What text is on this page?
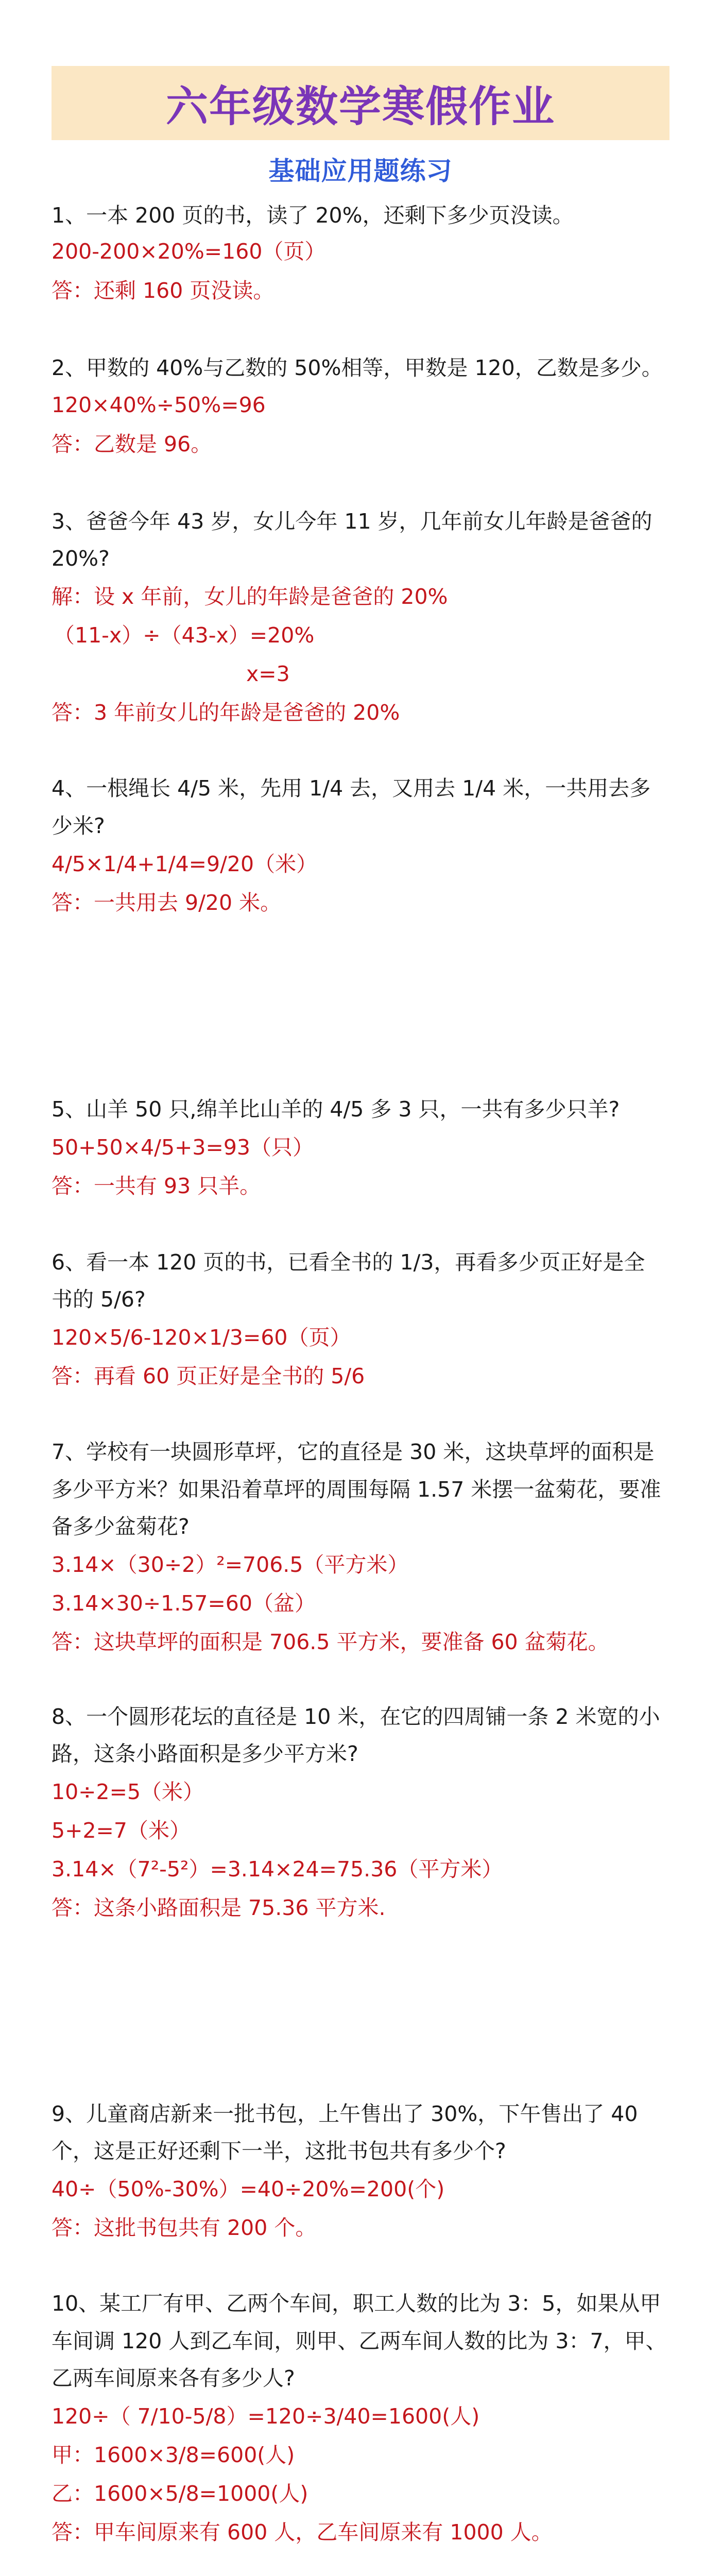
六年级数学寒假作业
基础应用题练习
1、一本 200 页的书，读了 20%，还剩下多少页没读。
200-200×20%=160（页）
答：还剩 160 页没读。
2、甲数的 40%与乙数的 50%相等，甲数是 120，乙数是多少。
120×40%÷50%=96
答：乙数是 96。
3、爸爸今年 43 岁，女儿今年 11 岁，几年前女儿年龄是爸爸的
20%?
解：设 x 年前，女儿的年龄是爸爸的 20%
（11-x）÷（43-x）=20%
x=3
答：3 年前女儿的年龄是爸爸的 20%
4、一根绳长 4/5 米，先用 1/4 去，又用去 1/4 米，一共用去多
少米?
4/5×1/4+1/4=9/20（米）
答：一共用去 9/20 米。
5、山羊 50 只,绵羊比山羊的 4/5 多 3 只，一共有多少只羊?
50+50×4/5+3=93（只）
答：一共有 93 只羊。
6、看一本 120 页的书，已看全书的 1/3，再看多少页正好是全
书的 5/6?
120×5/6-120×1/3=60（页）
答：再看 60 页正好是全书的 5/6
7、学校有一块圆形草坪，它的直径是 30 米，这块草坪的面积是
多少平方米？如果沿着草坪的周围每隔 1.57 米摆一盆菊花，要准
备多少盆菊花?
3.14×（30÷2）²=706.5（平方米）
3.14×30÷1.57=60（盆）
答：这块草坪的面积是 706.5 平方米，要准备 60 盆菊花。
8、一个圆形花坛的直径是 10 米，在它的四周铺一条 2 米宽的小
路，这条小路面积是多少平方米?
10÷2=5（米）
5+2=7（米）
3.14×（7²-5²）=3.14×24=75.36（平方米）
答：这条小路面积是 75.36 平方米.
9、儿童商店新来一批书包，上午售出了 30%，下午售出了 40
个，这是正好还剩下一半，这批书包共有多少个?
40÷（50%-30%）=40÷20%=200(个)
答：这批书包共有 200 个。
10、某工厂有甲、乙两个车间，职工人数的比为 3：5，如果从甲
车间调 120 人到乙车间，则甲、乙两车间人数的比为 3：7，甲、
乙两车间原来各有多少人?
120÷（ 7/10-5/8）=120÷3/40=1600(人)
甲：1600×3/8=600(人)
乙：1600×5/8=1000(人)
答：甲车间原来有 600 人，乙车间原来有 1000 人。
